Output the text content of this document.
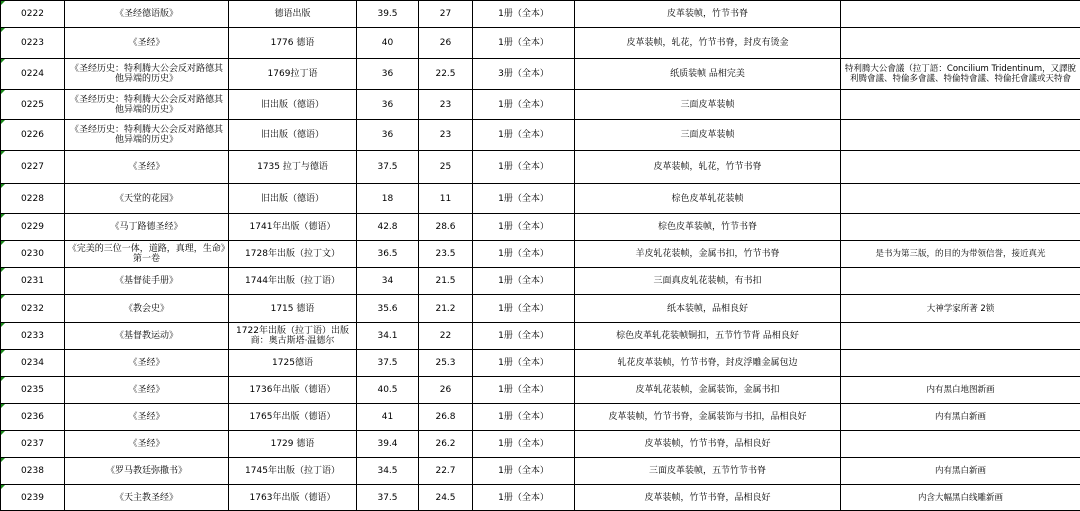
0222	《圣经德语版》	德语出版	39.5	27	1册（全本）	皮革装帧，竹节书脊	
0223	《圣经》	1776 德语	40	26	1册（全本）	皮革装帧，轧花，竹节书脊，封皮有烫金	
0224	《圣经历史：特利腾大公会反对路德其他异端的历史》	1769拉丁语	36	22.5	3册（全本）	纸质装帧 品相完美	特利腾大公會議（拉丁語：Concilium Tridentinum，又譯脫利腾會議、特倫多會議、特倫特會議、特倫托會議或天特會
0225	《圣经历史：特利腾大公会反对路德其他异端的历史》	旧出版（德语）	36	23	1册（全本）	三面皮革装帧	
0226	《圣经历史：特利腾大公会反对路德其他异端的历史》	旧出版（德语）	36	23	1册（全本）	三面皮革装帧	
0227	《圣经》	1735 拉丁与德语	37.5	25	1册（全本）	皮革装帧，轧花，竹节书脊	
0228	《天堂的花园》	旧出版（德语）	18	11	1册（全本）	棕色皮革轧花装帧	
0229	《马丁路德圣经》	1741年出版（德语）	42.8	28.6	1册（全本）	棕色皮革装帧，竹节书脊	
0230	《完美的三位一体，道路，真理，生命》第一卷	1728年出版（拉丁文）	36.5	23.5	1册（全本）	羊皮轧花装帧，金属书扣，竹节书脊	是书为第三版，的目的为带领信誉，接近真光
0231	《基督徒手册》	1744年出版（拉丁语）	34	21.5	1册（全本）	三面真皮轧花装帧，有书扣	
0232	《教会史》	1715 德语	35.6	21.2	1册（全本）	纸本装帧，品相良好	大神学家所著 2锁
0233	《基督教运动》	1722年出版（拉丁语）出版商：奥古斯塔·温德尔	34.1	22	1册（全本）	棕色皮革轧花装帧铜扣，五节竹节背 品相良好	
0234	《圣经》	1725德语	37.5	25.3	1册（全本）	轧花皮革装帧，竹节书脊，封皮浮雕金属包边	
0235	《圣经》	1736年出版（德语）	40.5	26	1册（全本）	皮革轧花装帧，金属装饰，金属书扣	内有黑白地图新画
0236	《圣经》	1765年出版（德语）	41	26.8	1册（全本）	皮革装帧，竹节书脊，金属装饰与书扣，品相良好	内有黑白新画
0237	《圣经》	1729 德语	39.4	26.2	1册（全本）	皮革装帧，竹节书脊，品相良好	
0238	《罗马教廷弥撒书》	1745年出版（拉丁语）	34.5	22.7	1册（全本）	三面皮革装帧，五节竹节书脊	内有黑白新画
0239	《天主教圣经》	1763年出版（德语）	37.5	24.5	1册（全本）	皮革装帧，竹节书脊，品相良好	内含大幅黑白线雕新画
